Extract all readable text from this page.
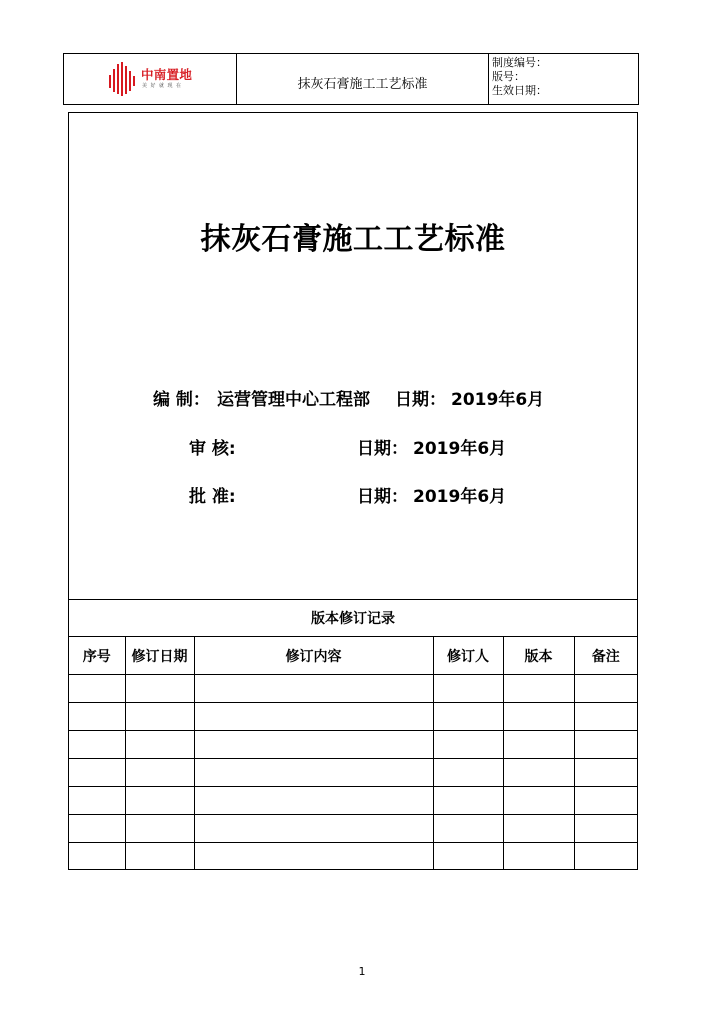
中南置地
美好就现在	抹灰石膏施工工艺标准
制度编号：
版号：
生效日期：
抹灰石膏施工工艺标准
编 制： 运营管理中心工程部 日期： 2019年6月
审 核:	日期： 2019年6月
批 准:	日期： 2019年6月
版本修订记录
序号	修订日期	修订内容	修订人	版本	备注

1
